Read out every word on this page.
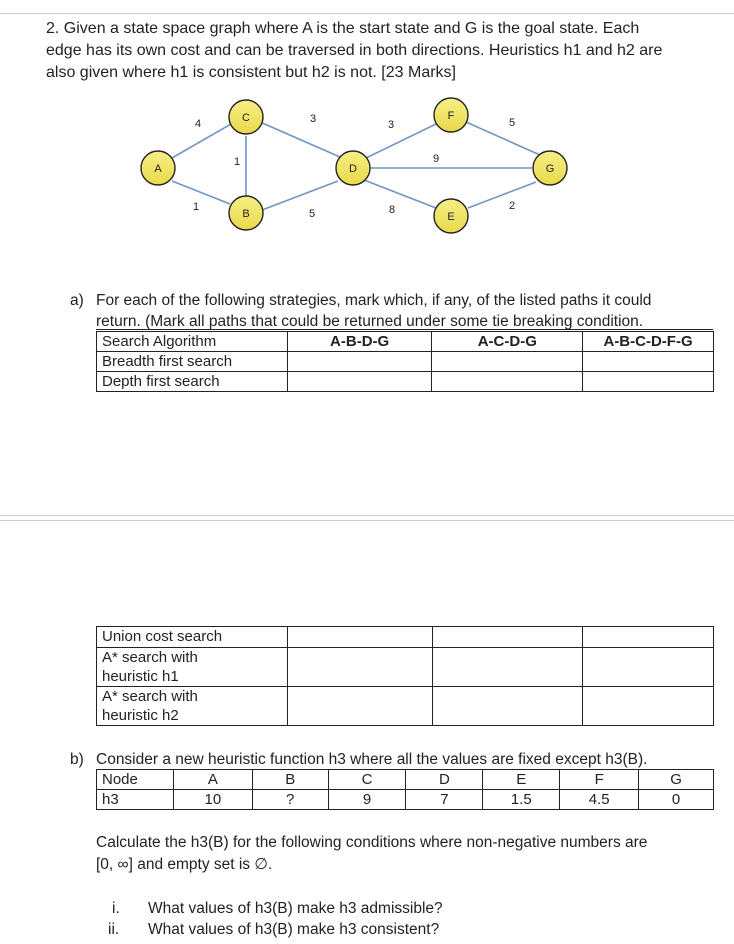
2. Given a state space graph where A is the start state and G is the goal state. Each
edge has its own cost and can be traversed in both directions. Heuristics h1 and h2 are
also given where h1 is consistent but h2 is not. [23 Marks]
A
C
B
D
F
E
G
4
1
1
3
5
3
8
9
5
2
a) For each of the following strategies, mark which, if any, of the listed paths it could
return. (Mark all paths that could be returned under some tie breaking condition.
Search Algorithm	A-B-D-G	A-C-D-G	A-B-C-D-F-G
Breadth first search			
Depth first search			
Union cost search			
A* search with
heuristic h1			
A* search with
heuristic h2			
b) Consider a new heuristic function h3 where all the values are fixed except h3(B).
Node	A	B	C	D	E	F	G
h3	10	?	9	7	1.5	4.5	0
Calculate the h3(B) for the following conditions where non-negative numbers are
[0, ∞] and empty set is ∅.
i. What values of h3(B) make h3 admissible?
ii. What values of h3(B) make h3 consistent?
